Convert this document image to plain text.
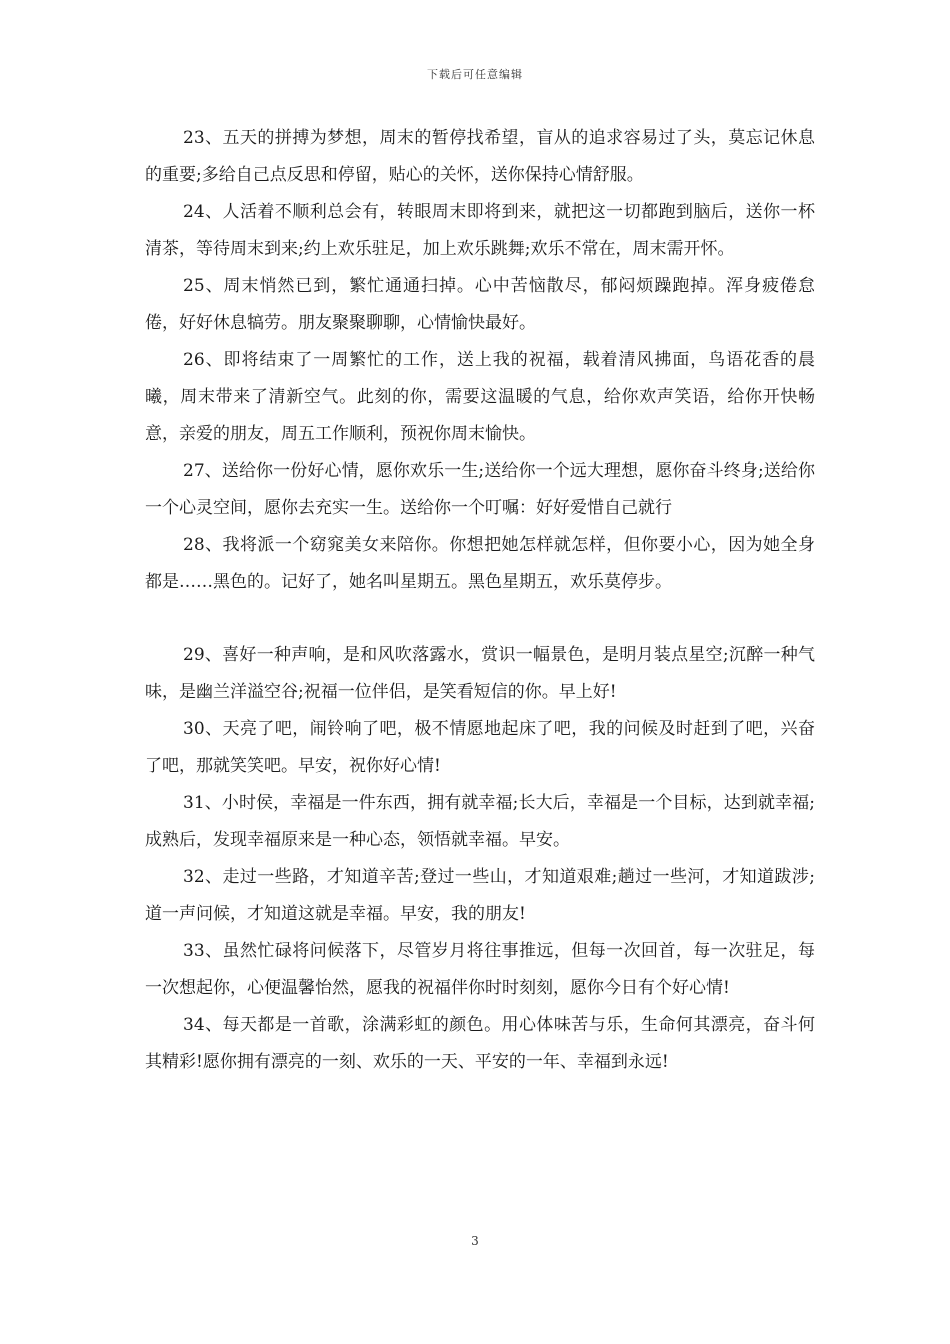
下载后可任意编辑

23、五天的拼搏为梦想，周末的暂停找希望，盲从的追求容易过了头，莫忘记休息的重要;多给自己点反思和停留，贴心的关怀，送你保持心情舒服。

24、人活着不顺利总会有，转眼周末即将到来，就把这一切都跑到脑后，送你一杯清茶，等待周末到来;约上欢乐驻足，加上欢乐跳舞;欢乐不常在，周末需开怀。

25、周末悄然已到，繁忙通通扫掉。心中苦恼散尽，郁闷烦躁跑掉。浑身疲倦怠倦，好好休息犒劳。朋友聚聚聊聊，心情愉快最好。

26、即将结束了一周繁忙的工作，送上我的祝福，载着清风拂面，鸟语花香的晨曦，周末带来了清新空气。此刻的你，需要这温暖的气息，给你欢声笑语，给你开快畅意，亲爱的朋友，周五工作顺利，预祝你周末愉快。

27、送给你一份好心情，愿你欢乐一生;送给你一个远大理想，愿你奋斗终身;送给你一个心灵空间，愿你去充实一生。送给你一个叮嘱：好好爱惜自己就行

28、我将派一个窈窕美女来陪你。你想把她怎样就怎样，但你要小心，因为她全身都是……黑色的。记好了，她名叫星期五。黑色星期五，欢乐莫停步。

29、喜好一种声响，是和风吹落露水，赏识一幅景色，是明月装点星空;沉醉一种气味，是幽兰洋溢空谷;祝福一位伴侣，是笑看短信的你。早上好!

30、天亮了吧，闹铃响了吧，极不情愿地起床了吧，我的问候及时赶到了吧，兴奋了吧，那就笑笑吧。早安，祝你好心情!

31、小时侯，幸福是一件东西，拥有就幸福;长大后，幸福是一个目标，达到就幸福;成熟后，发现幸福原来是一种心态，领悟就幸福。早安。

32、走过一些路，才知道辛苦;登过一些山，才知道艰难;趟过一些河，才知道跋涉;道一声问候，才知道这就是幸福。早安，我的朋友!

33、虽然忙碌将问候落下，尽管岁月将往事推远，但每一次回首，每一次驻足，每一次想起你，心便温馨怡然，愿我的祝福伴你时时刻刻，愿你今日有个好心情!

34、每天都是一首歌，涂满彩虹的颜色。用心体味苦与乐，生命何其漂亮，奋斗何其精彩!愿你拥有漂亮的一刻、欢乐的一天、平安的一年、幸福到永远!

3
